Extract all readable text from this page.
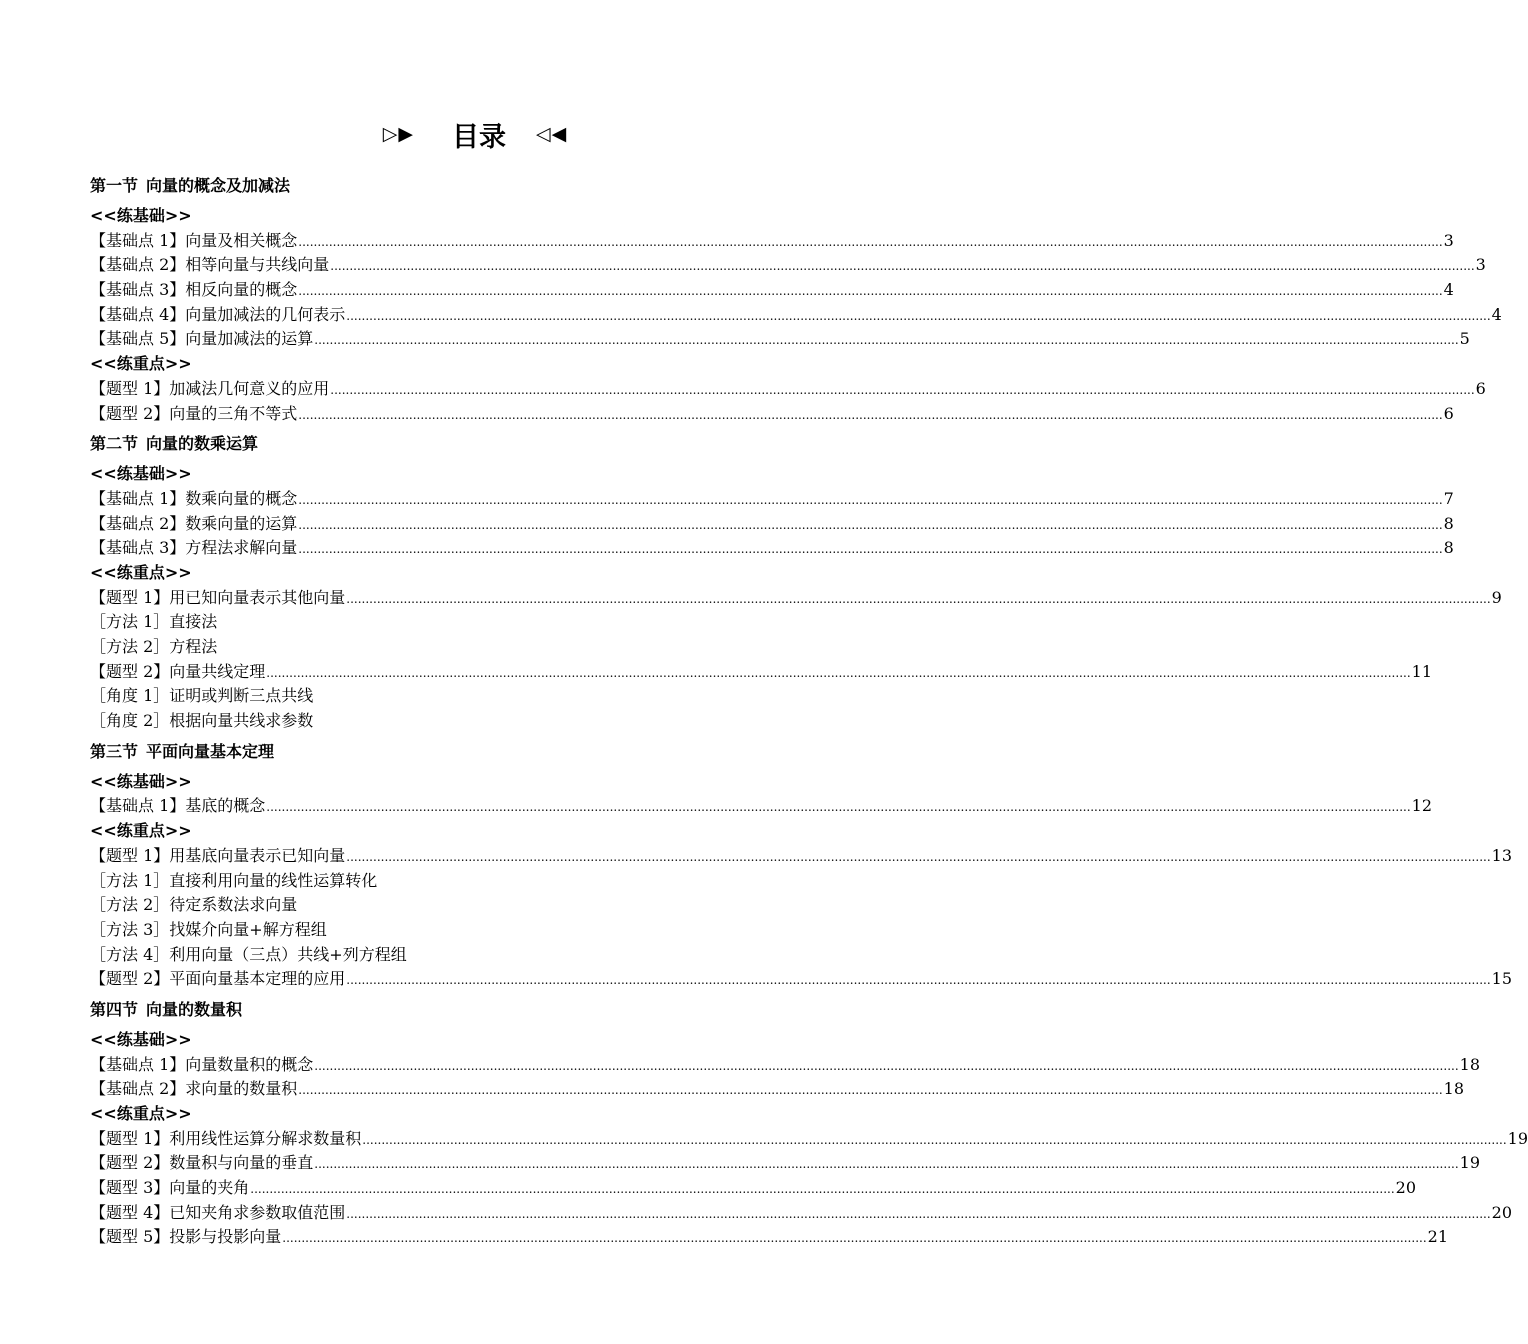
▷▶ 目录 ◁◀
第一节 向量的概念及加减法
<<练基础>>
【基础点 1】 向量及相关概念 ............................................................................................................................................................................................................................................................................................................ 3
【基础点 2】 相等向量与共线向量 ............................................................................................................................................................................................................................................................................................................ 3
【基础点 3】 相反向量的概念 ............................................................................................................................................................................................................................................................................................................ 4
【基础点 4】 向量加减法的几何表示 ............................................................................................................................................................................................................................................................................................................ 4
【基础点 5】 向量加减法的运算 ............................................................................................................................................................................................................................................................................................................ 5
<<练重点>>
【题型 1】 加减法几何意义的应用 ............................................................................................................................................................................................................................................................................................................ 6
【题型 2】 向量的三角不等式 ............................................................................................................................................................................................................................................................................................................ 6
第二节 向量的数乘运算
<<练基础>>
【基础点 1】 数乘向量的概念 ............................................................................................................................................................................................................................................................................................................ 7
【基础点 2】 数乘向量的运算 ............................................................................................................................................................................................................................................................................................................ 8
【基础点 3】 方程法求解向量 ............................................................................................................................................................................................................................................................................................................ 8
<<练重点>>
【题型 1】 用已知向量表示其他向量 ............................................................................................................................................................................................................................................................................................................ 9
［方法 1］直接法
［方法 2］方程法
【题型 2】 向量共线定理 ............................................................................................................................................................................................................................................................................................................ 11
［角度 1］证明或判断三点共线
［角度 2］根据向量共线求参数
第三节 平面向量基本定理
<<练基础>>
【基础点 1】 基底的概念 ............................................................................................................................................................................................................................................................................................................ 12
<<练重点>>
【题型 1】 用基底向量表示已知向量 ............................................................................................................................................................................................................................................................................................................ 13
［方法 1］直接利用向量的线性运算转化
［方法 2］待定系数法求向量
［方法 3］找媒介向量+解方程组
［方法 4］利用向量（三点）共线+列方程组
【题型 2】 平面向量基本定理的应用 ............................................................................................................................................................................................................................................................................................................ 15
第四节 向量的数量积
<<练基础>>
【基础点 1】 向量数量积的概念 ............................................................................................................................................................................................................................................................................................................ 18
【基础点 2】 求向量的数量积 ............................................................................................................................................................................................................................................................................................................ 18
<<练重点>>
【题型 1】 利用线性运算分解求数量积 ............................................................................................................................................................................................................................................................................................................ 19
【题型 2】 数量积与向量的垂直 ............................................................................................................................................................................................................................................................................................................ 19
【题型 3】 向量的夹角 ............................................................................................................................................................................................................................................................................................................ 20
【题型 4】 已知夹角求参数取值范围 ............................................................................................................................................................................................................................................................................................................ 20
【题型 5】 投影与投影向量 ............................................................................................................................................................................................................................................................................................................ 21
